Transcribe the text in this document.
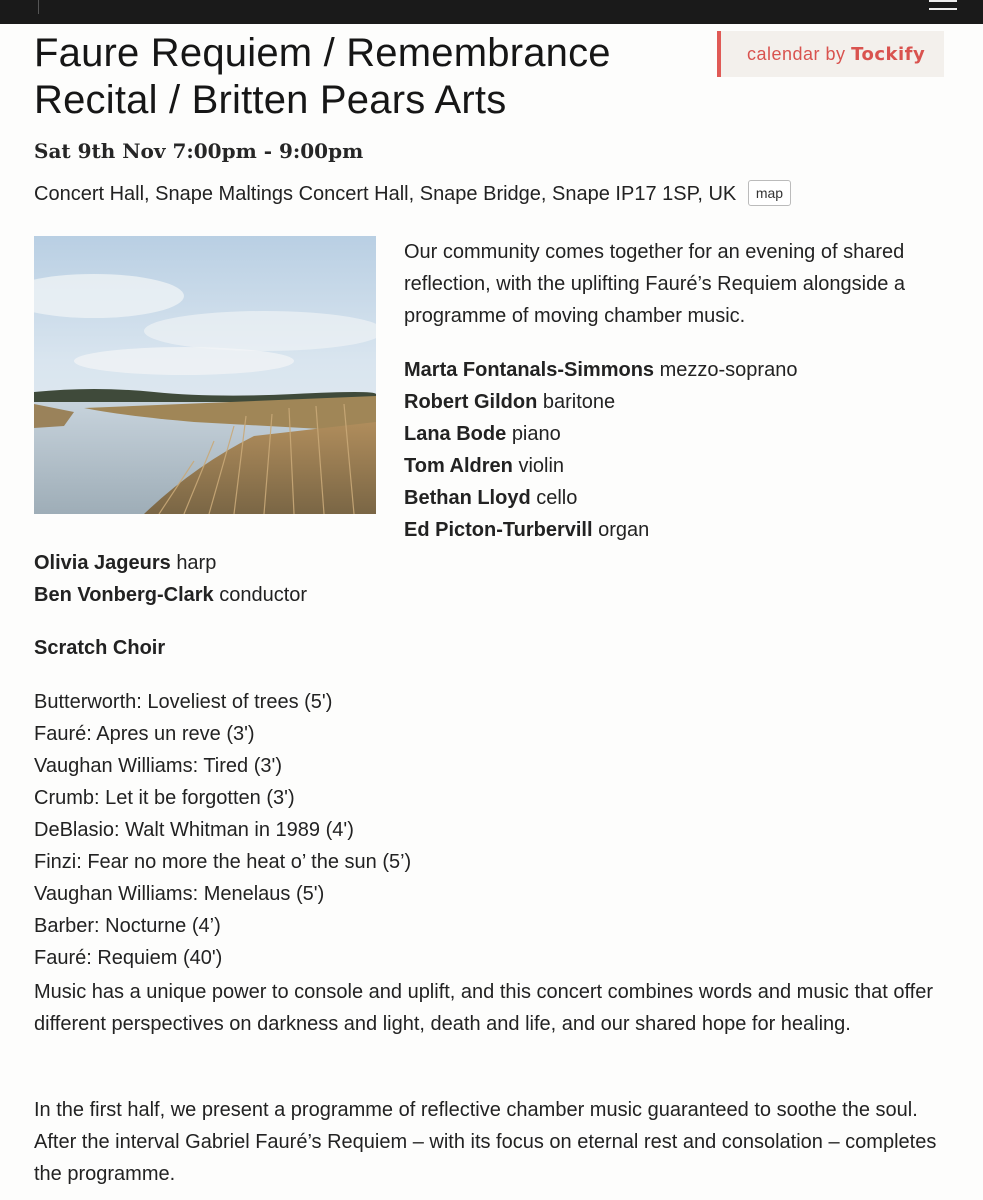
Faure Requiem / Remembrance Recital / Britten Pears Arts
calendar by Tockify
Sat 9th Nov 7:00pm - 9:00pm
Concert Hall, Snape Maltings Concert Hall, Snape Bridge, Snape IP17 1SP, UK map

Our community comes together for an evening of shared reflection, with the uplifting Fauré’s Requiem alongside a programme of moving chamber music.

Marta Fontanals-Simmons mezzo-soprano
Robert Gildon baritone
Lana Bode piano
Tom Aldren violin
Bethan Lloyd cello
Ed Picton-Turbervill organ
Olivia Jageurs harp
Ben Vonberg-Clark conductor
Scratch Choir
Butterworth: Loveliest of trees (5')
Fauré: Apres un reve (3')
Vaughan Williams: Tired (3')
Crumb: Let it be forgotten (3')
DeBlasio: Walt Whitman in 1989 (4')
Finzi: Fear no more the heat o’ the sun (5’)
Vaughan Williams: Menelaus (5')
Barber: Nocturne (4’)
Fauré: Requiem (40')

Music has a unique power to console and uplift, and this concert combines words and music that offer different perspectives on darkness and light, death and life, and our shared hope for healing.

In the first half, we present a programme of reflective chamber music guaranteed to soothe the soul. After the interval Gabriel Fauré’s Requiem – with its focus on eternal rest and consolation – completes the programme.
